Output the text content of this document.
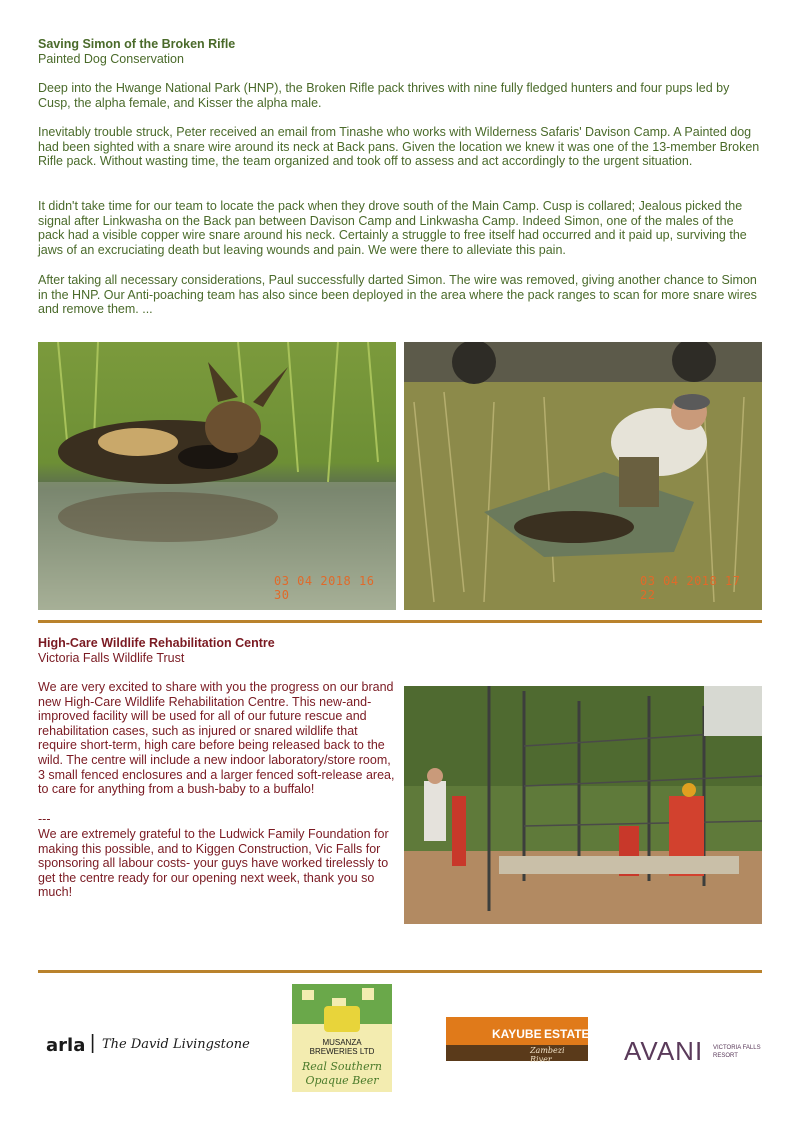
Saving Simon of the Broken Rifle
Painted Dog Conservation

Deep into the Hwange National Park (HNP), the Broken Rifle pack thrives with nine fully fledged hunters and four pups led by Cusp, the alpha female, and Kisser the alpha male.

Inevitably trouble struck, Peter received an email from Tinashe who works with Wilderness Safaris' Davison Camp. A Painted dog had been sighted with a snare wire around its neck at Back pans. Given the location we knew it was one of the 13-member Broken Rifle pack. Without wasting time, the team organized and took off to assess and act accordingly to the urgent situation.

It didn't take time for our team to locate the pack when they drove south of the Main Camp. Cusp is collared; Jealous picked the signal after Linkwasha on the Back pan between Davison Camp and Linkwasha Camp. Indeed Simon, one of the males of the pack had a visible copper wire snare around his neck. Certainly a struggle to free itself had occurred and it paid up, surviving the jaws of an excruciating death but leaving wounds and pain. We were there to alleviate this pain.

After taking all necessary considerations, Paul successfully darted Simon. The wire was removed, giving another chance to Simon in the HNP. Our Anti-poaching team has also since been deployed in the area where the pack ranges to scan for more snare wires and remove them. ...

03 04 2018 16 30
03 04 2018 17 22
High-Care Wildlife Rehabilitation Centre
Victoria Falls Wildlife Trust

We are very excited to share with you the progress on our brand new High-Care Wildlife Rehabilitation Centre. This new-and-improved facility will be used for all of our future rescue and rehabilitation cases, such as injured or snared wildlife that require short-term, high care before being released back to the wild. The centre will include a new indoor laboratory/store room, 3 small fenced enclosures and a larger fenced soft-release area, to care for anything from a bush-baby to a buffalo!

---

We are extremely grateful to the Ludwick Family Foundation for making this possible, and to Kiggen Construction, Vic Falls for sponsoring all labour costs- your guys have worked tirelessly to get the centre ready for our opening next week, thank you so much!

arla | The David Livingstone	MUSANZA
BREWERIES LTD
Real Southern
Opaque Beer
KAYUBE ESTATE
Zambezi River	AVANI VICTORIA FALLS
RESORT
